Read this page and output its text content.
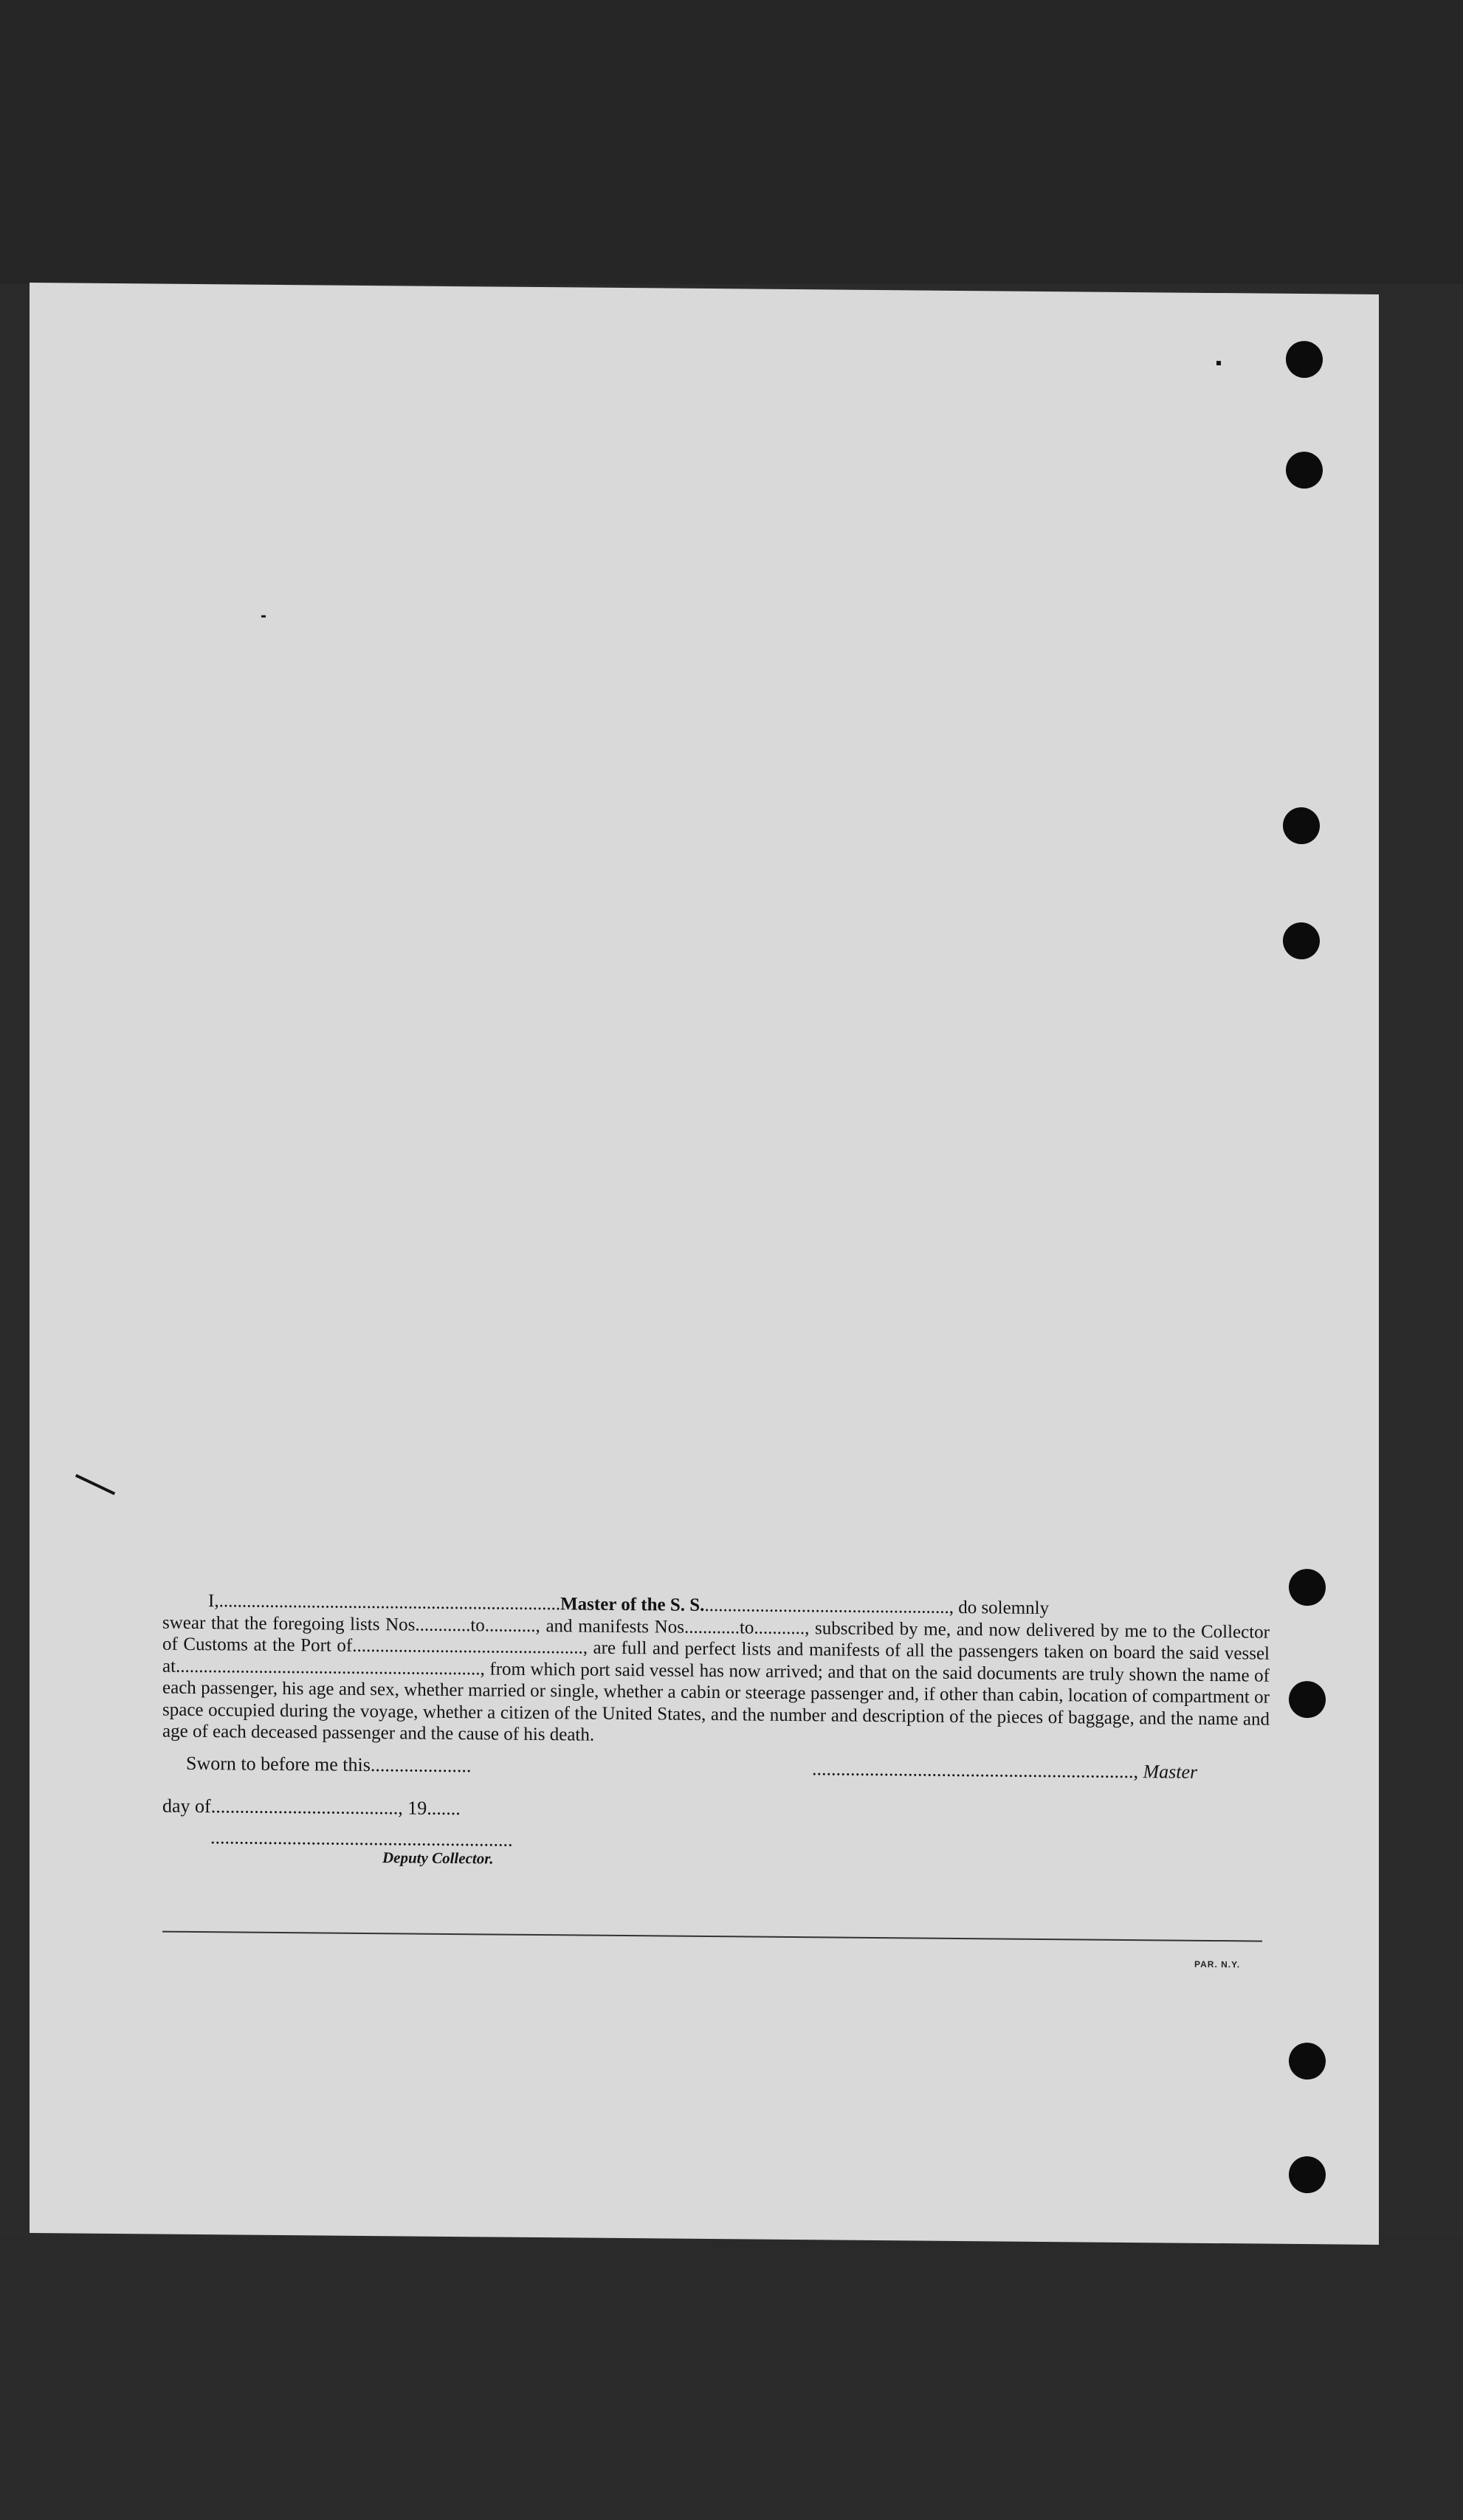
I,..........................................................................Master of the S. S......................................................, do solemnly

swear that the foregoing lists Nos............to..........., and manifests Nos............to..........., subscribed by me, and now delivered by me to the Collector of Customs at the Port of.................................................., are full and perfect lists and manifests of all the passengers taken on board the said vessel at.................................................................., from which port said vessel has now arrived; and that on the said documents are truly shown the name of each passenger, his age and sex, whether married or single, whether a cabin or steerage passenger and, if other than cabin, location of compartment or space occupied during the voyage, whether a citizen of the United States, and the number and description of the pieces of baggage, and the name and age of each deceased passenger and the cause of his death.

Sworn to before me this.....................	..................................................................., Master
day of......................................., 19.......
...............................................................
Deputy Collector.
PAR. N.Y.
